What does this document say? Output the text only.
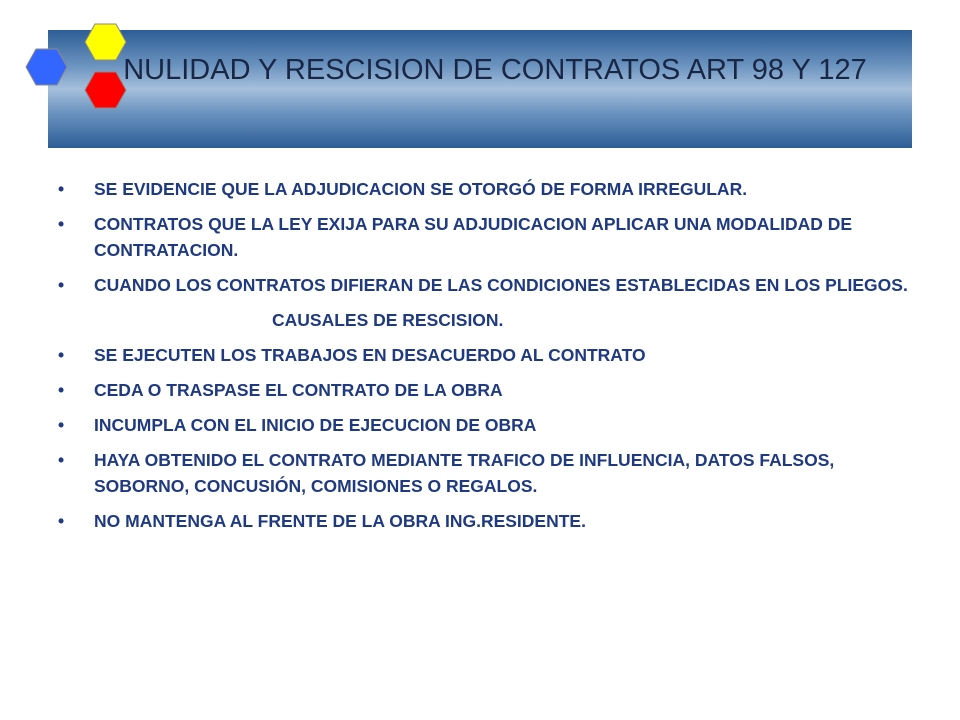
NULIDAD Y RESCISION DE CONTRATOS ART 98 Y 127
• SE EVIDENCIE QUE LA ADJUDICACION SE OTORGÓ DE FORMA IRREGULAR.
• CONTRATOS QUE LA LEY EXIJA PARA SU ADJUDICACION APLICAR UNA MODALIDAD DE CONTRATACION.
• CUANDO LOS CONTRATOS DIFIERAN DE LAS CONDICIONES ESTABLECIDAS EN LOS PLIEGOS.
CAUSALES DE RESCISION.
• SE EJECUTEN LOS TRABAJOS EN DESACUERDO AL CONTRATO
• CEDA O TRASPASE EL CONTRATO DE LA OBRA
• INCUMPLA CON EL INICIO DE EJECUCION DE OBRA
• HAYA OBTENIDO EL CONTRATO MEDIANTE TRAFICO DE INFLUENCIA, DATOS FALSOS, SOBORNO, CONCUSIÓN, COMISIONES O REGALOS.
• NO MANTENGA AL FRENTE DE LA OBRA ING.RESIDENTE.
